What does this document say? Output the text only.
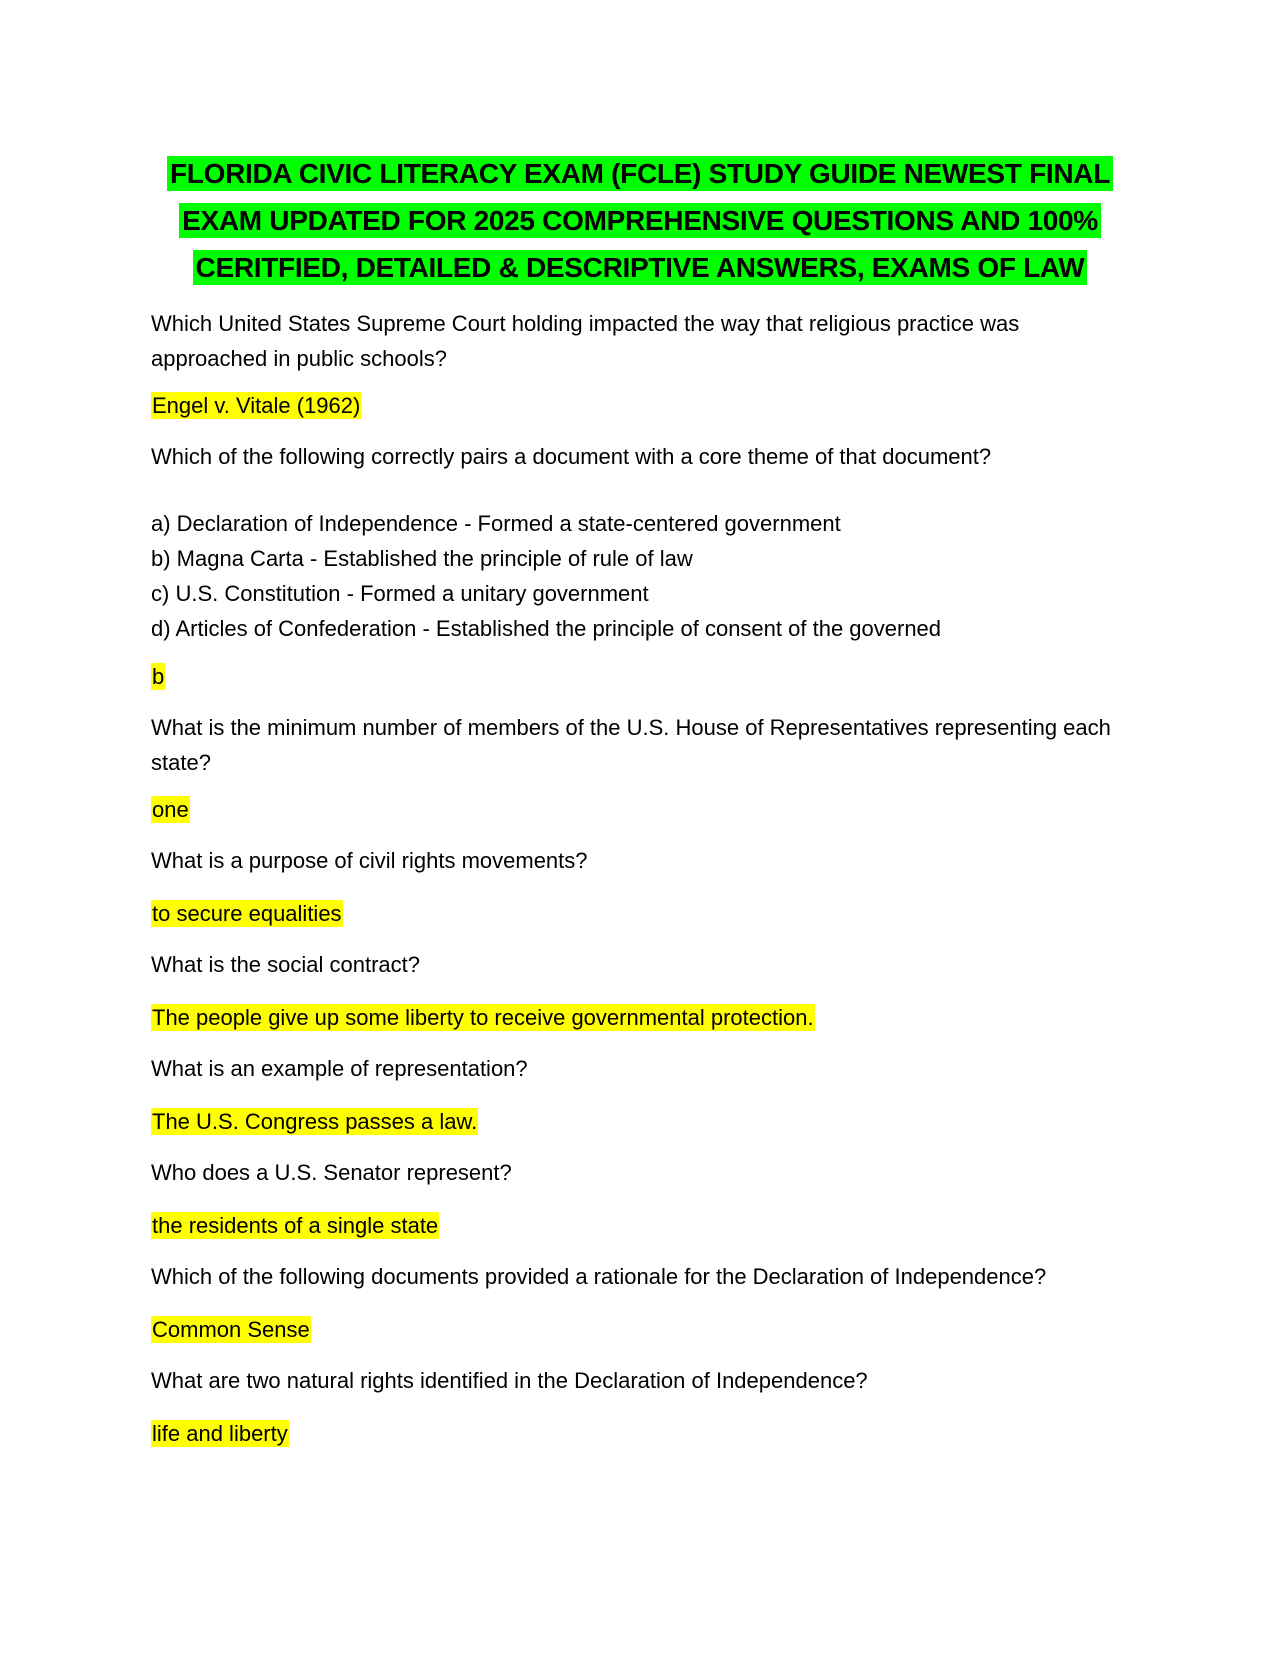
FLORIDA CIVIC LITERACY EXAM (FCLE) STUDY GUIDE NEWEST FINAL
EXAM UPDATED FOR 2025 COMPREHENSIVE QUESTIONS AND 100%
CERITFIED, DETAILED & DESCRIPTIVE ANSWERS, EXAMS OF LAW

Which United States Supreme Court holding impacted the way that religious practice was approached in public schools?

Engel v. Vitale (1962)

Which of the following correctly pairs a document with a core theme of that document?

a) Declaration of Independence - Formed a state-centered government
b) Magna Carta - Established the principle of rule of law
c) U.S. Constitution - Formed a unitary government
d) Articles of Confederation - Established the principle of consent of the governed

b

What is the minimum number of members of the U.S. House of Representatives representing each state?

one

What is a purpose of civil rights movements?

to secure equalities

What is the social contract?

The people give up some liberty to receive governmental protection.

What is an example of representation?

The U.S. Congress passes a law.

Who does a U.S. Senator represent?

the residents of a single state

Which of the following documents provided a rationale for the Declaration of Independence?

Common Sense

What are two natural rights identified in the Declaration of Independence?

life and liberty
